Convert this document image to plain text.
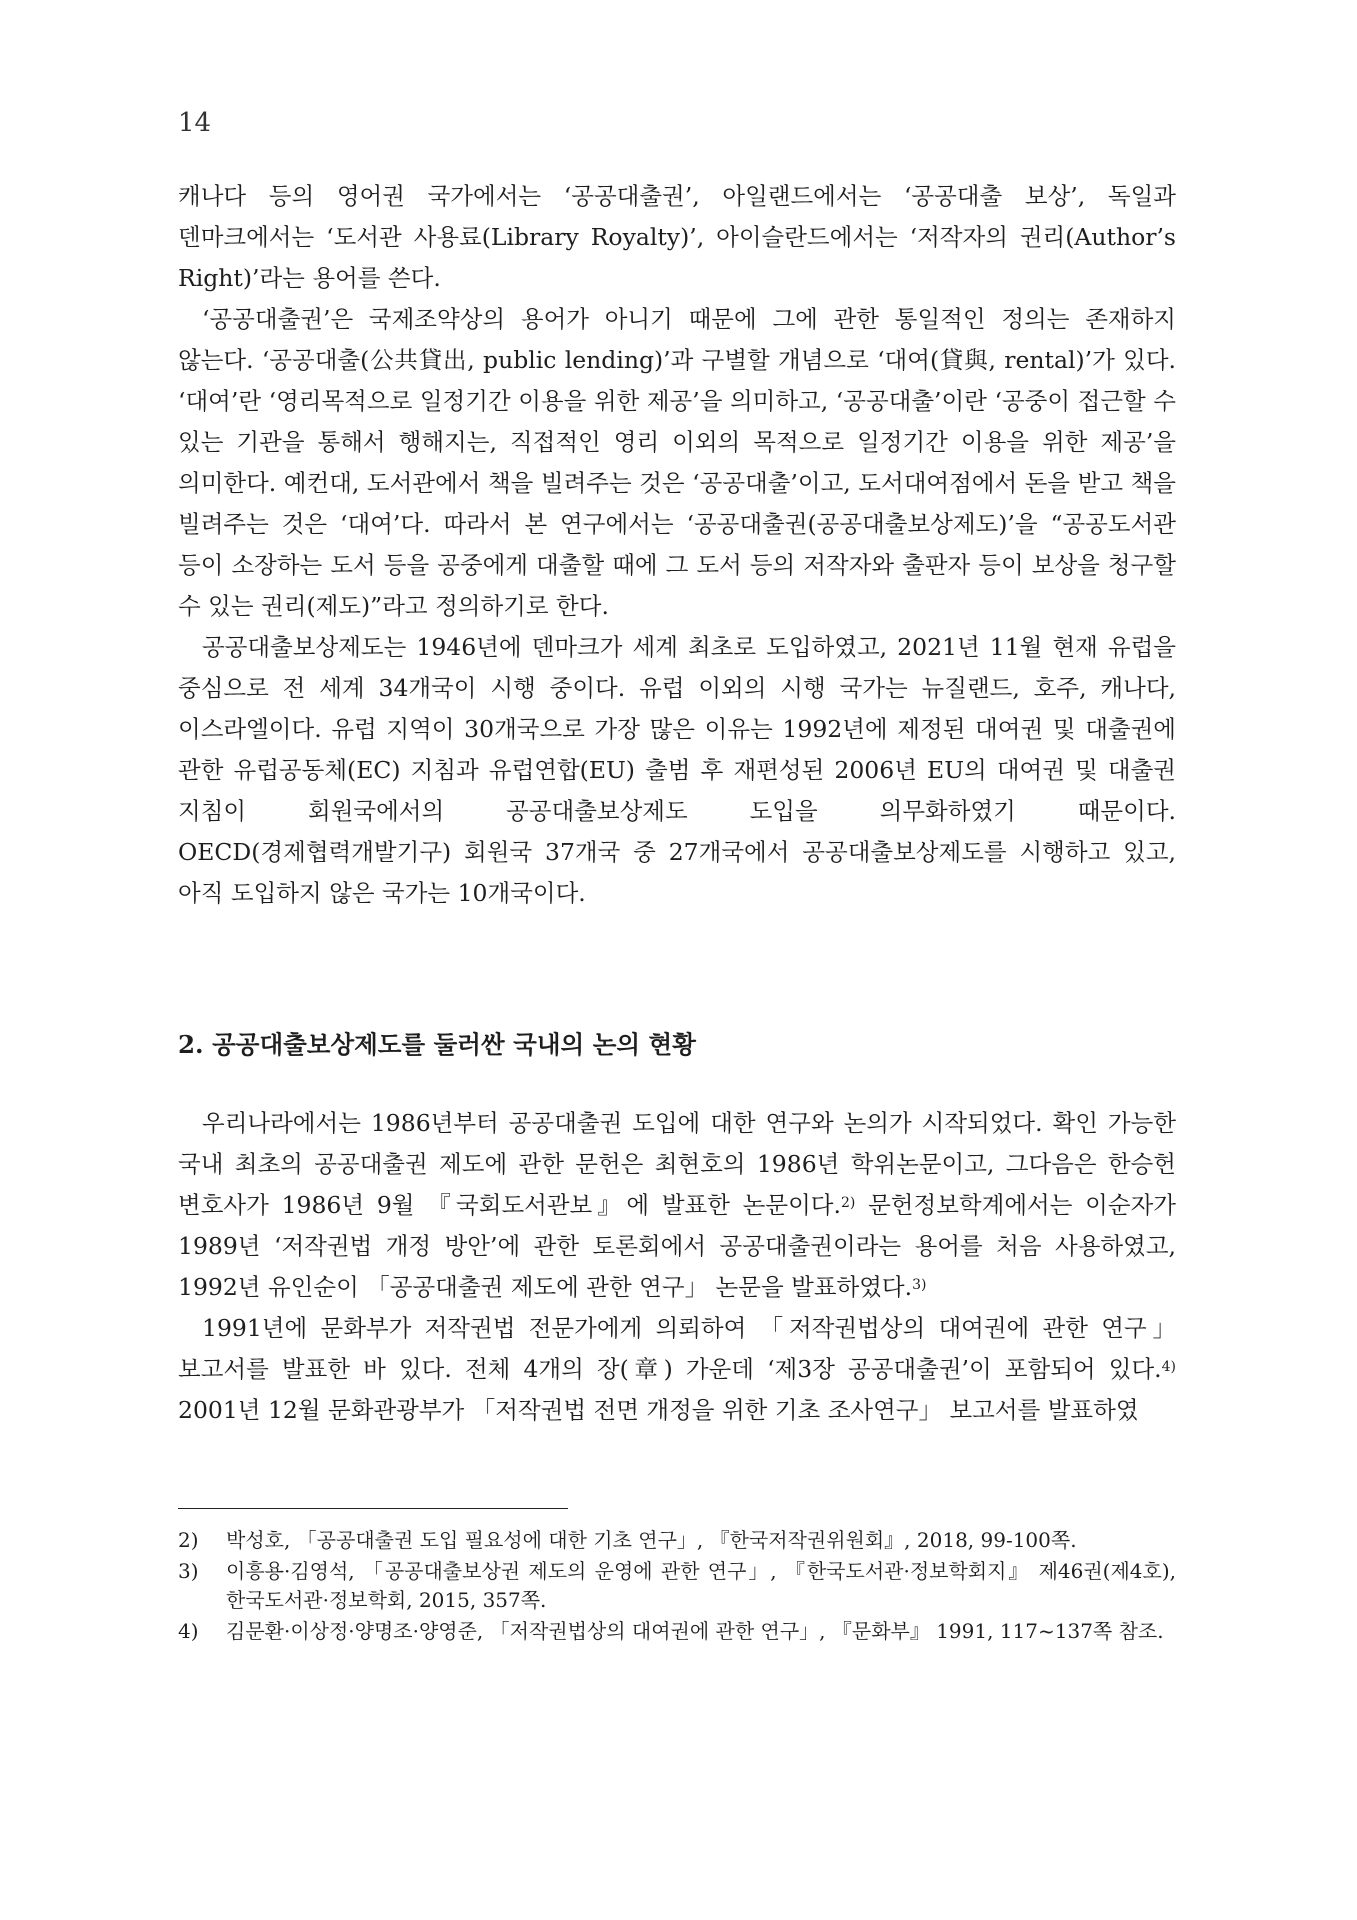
14

캐나다 등의 영어권 국가에서는 ‘공공대출권’, 아일랜드에서는 ‘공공대출 보상’, 독일과 덴마크에서는 ‘도서관 사용료(Library Royalty)’, 아이슬란드에서는 ‘저작자의 권리(Author’s Right)’라는 용어를 쓴다.

‘공공대출권’은 국제조약상의 용어가 아니기 때문에 그에 관한 통일적인 정의는 존재하지 않는다. ‘공공대출(公共貸出, public lending)’과 구별할 개념으로 ‘대여(貸與, rental)’가 있다. ‘대여’란 ‘영리목적으로 일정기간 이용을 위한 제공’을 의미하고, ‘공공대출’이란 ‘공중이 접근할 수 있는 기관을 통해서 행해지는, 직접적인 영리 이외의 목적으로 일정기간 이용을 위한 제공’을 의미한다. 예컨대, 도서관에서 책을 빌려주는 것은 ‘공공대출’이고, 도서대여점에서 돈을 받고 책을 빌려주는 것은 ‘대여’다. 따라서 본 연구에서는 ‘공공대출권(공공대출보상제도)’을 “공공도서관 등이 소장하는 도서 등을 공중에게 대출할 때에 그 도서 등의 저작자와 출판자 등이 보상을 청구할 수 있는 권리(제도)”라고 정의하기로 한다.

공공대출보상제도는 1946년에 덴마크가 세계 최초로 도입하였고, 2021년 11월 현재 유럽을 중심으로 전 세계 34개국이 시행 중이다. 유럽 이외의 시행 국가는 뉴질랜드, 호주, 캐나다, 이스라엘이다. 유럽 지역이 30개국으로 가장 많은 이유는 1992년에 제정된 대여권 및 대출권에 관한 유럽공동체(EC) 지침과 유럽연합(EU) 출범 후 재편성된 2006년 EU의 대여권 및 대출권 지침이 회원국에서의 공공대출보상제도 도입을 의무화하였기 때문이다. OECD(경제협력개발기구) 회원국 37개국 중 27개국에서 공공대출보상제도를 시행하고 있고, 아직 도입하지 않은 국가는 10개국이다.

2. 공공대출보상제도를 둘러싼 국내의 논의 현황

우리나라에서는 1986년부터 공공대출권 도입에 대한 연구와 논의가 시작되었다. 확인 가능한 국내 최초의 공공대출권 제도에 관한 문헌은 최현호의 1986년 학위논문이고, 그다음은 한승헌 변호사가 1986년 9월 『국회도서관보』에 발표한 논문이다.$^{2)}$ 문헌정보학계에서는 이순자가 1989년 ‘저작권법 개정 방안’에 관한 토론회에서 공공대출권이라는 용어를 처음 사용하였고, 1992년 유인순이 「공공대출권 제도에 관한 연구」 논문을 발표하였다.$^{3)}$

1991년에 문화부가 저작권법 전문가에게 의뢰하여 「저작권법상의 대여권에 관한 연구」 보고서를 발표한 바 있다. 전체 4개의 장(章) 가운데 ‘제3장 공공대출권’이 포함되어 있다.$^{4)}$ 2001년 12월 문화관광부가 「저작권법 전면 개정을 위한 기초 조사연구」 보고서를 발표하였

2) 박성호, 「공공대출권 도입 필요성에 대한 기초 연구」, 『한국저작권위원회』, 2018, 99-100쪽.
3) 이흥용·김영석, 「공공대출보상권 제도의 운영에 관한 연구」, 『한국도서관·정보학회지』 제46권(제4호), 한국도서관·정보학회, 2015, 357쪽.
4) 김문환·이상정·양명조·양영준, 「저작권법상의 대여권에 관한 연구」, 『문화부』 1991, 117~137쪽 참조.
